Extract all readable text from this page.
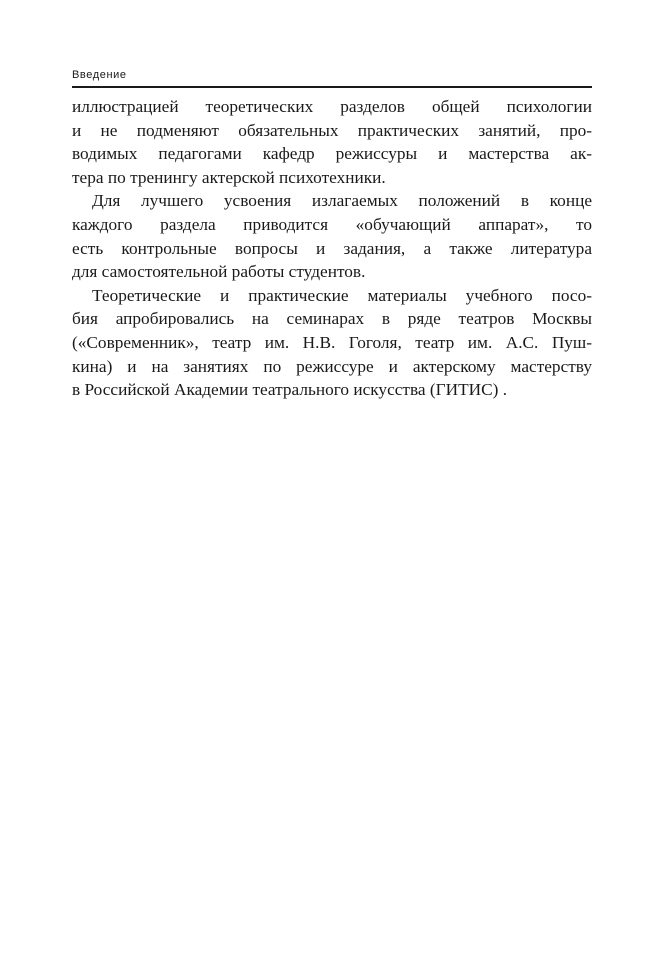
Введение
иллюстрацией теоретических разделов общей психологии
и не подменяют обязательных практических занятий, про-
водимых педагогами кафедр режиссуры и мастерства ак-
тера по тренингу актерской психотехники.
Для лучшего усвоения излагаемых положений в конце
каждого раздела приводится «обучающий аппарат», то
есть контрольные вопросы и задания, а также литература
для самостоятельной работы студентов.
Теоретические и практические материалы учебного посо-
бия апробировались на семинарах в ряде театров Москвы
(«Современник», театр им. Н.В. Гоголя, театр им. А.С. Пуш-
кина) и на занятиях по режиссуре и актерскому мастерству
в Российской Академии театрального искусства (ГИТИС) .
